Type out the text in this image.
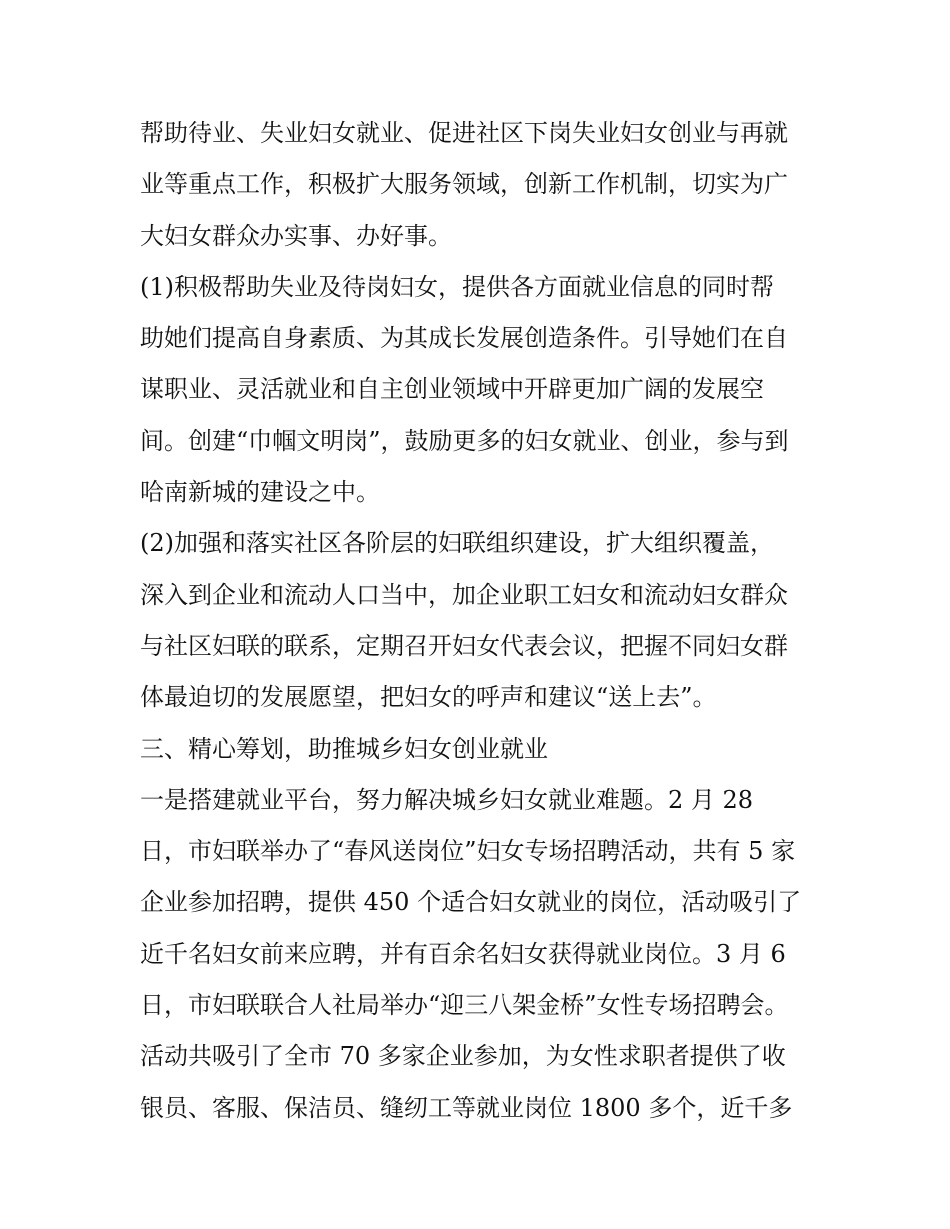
帮助待业、失业妇女就业、促进社区下岗失业妇女创业与再就
业等重点工作，积极扩大服务领域，创新工作机制，切实为广
大妇女群众办实事、办好事。
(1)积极帮助失业及待岗妇女，提供各方面就业信息的同时帮
助她们提高自身素质、为其成长发展创造条件。引导她们在自
谋职业、灵活就业和自主创业领域中开辟更加广阔的发展空
间。创建“巾帼文明岗”，鼓励更多的妇女就业、创业，参与到
哈南新城的建设之中。
(2)加强和落实社区各阶层的妇联组织建设，扩大组织覆盖，
深入到企业和流动人口当中，加企业职工妇女和流动妇女群众
与社区妇联的联系，定期召开妇女代表会议，把握不同妇女群
体最迫切的发展愿望，把妇女的呼声和建议“送上去”。
三、精心筹划，助推城乡妇女创业就业
一是搭建就业平台，努力解决城乡妇女就业难题。2 月 28
日，市妇联举办了“春风送岗位”妇女专场招聘活动，共有 5 家
企业参加招聘，提供 450 个适合妇女就业的岗位，活动吸引了
近千名妇女前来应聘，并有百余名妇女获得就业岗位。3 月 6
日，市妇联联合人社局举办“迎三八架金桥”女性专场招聘会。
活动共吸引了全市 70 多家企业参加，为女性求职者提供了收
银员、客服、保洁员、缝纫工等就业岗位 1800 多个，近千多
